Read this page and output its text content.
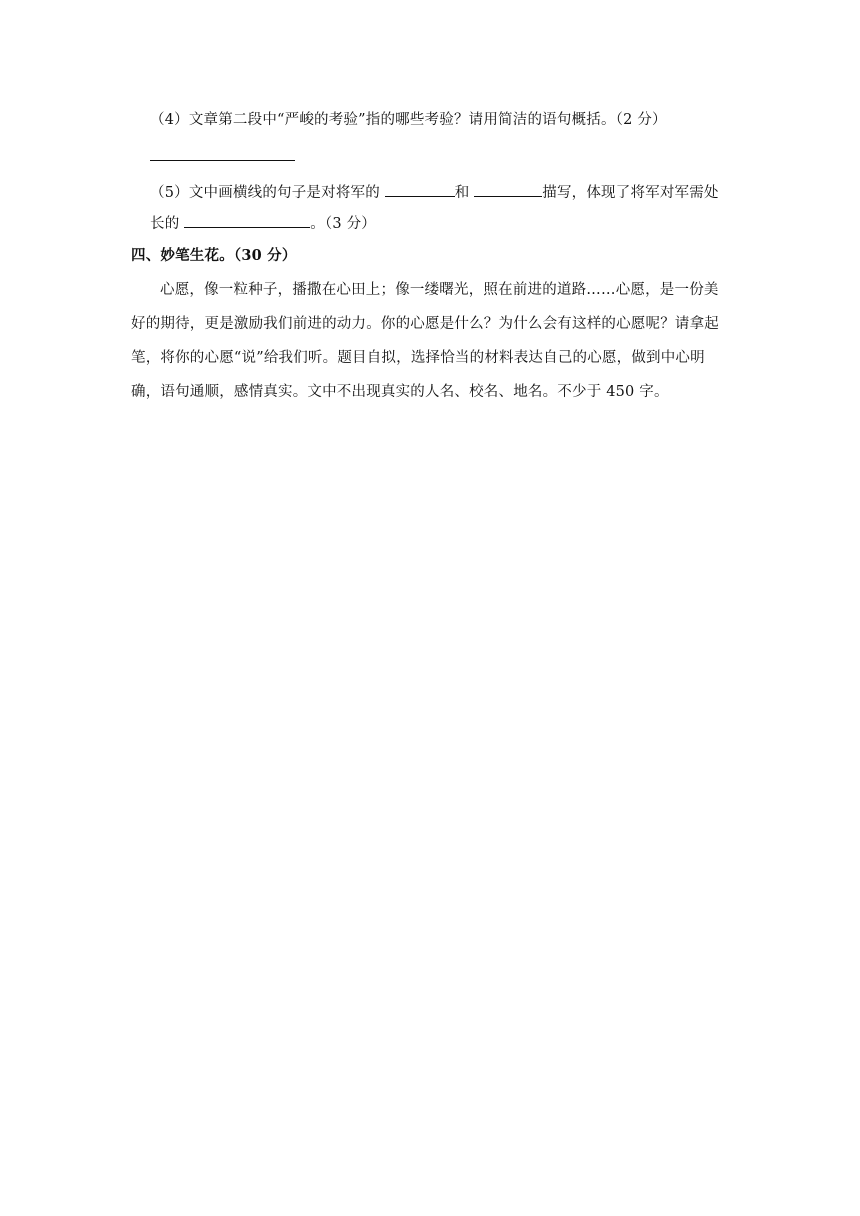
（4）文章第二段中“严峻的考验”指的哪些考验？请用简洁的语句概括。（2 分）
（5）文中画横线的句子是对将军的	和	描写，体现了将军对军需处
长的	。（3 分）
四、妙笔生花。（30 分）
心愿，像一粒种子，播撒在心田上；像一缕曙光，照在前进的道路……心愿，是一份美
好的期待，更是激励我们前进的动力。你的心愿是什么？为什么会有这样的心愿呢？请拿起
笔，将你的心愿“说”给我们听。题目自拟，选择恰当的材料表达自己的心愿，做到中心明
确，语句通顺，感情真实。文中不出现真实的人名、校名、地名。不少于 450 字。
